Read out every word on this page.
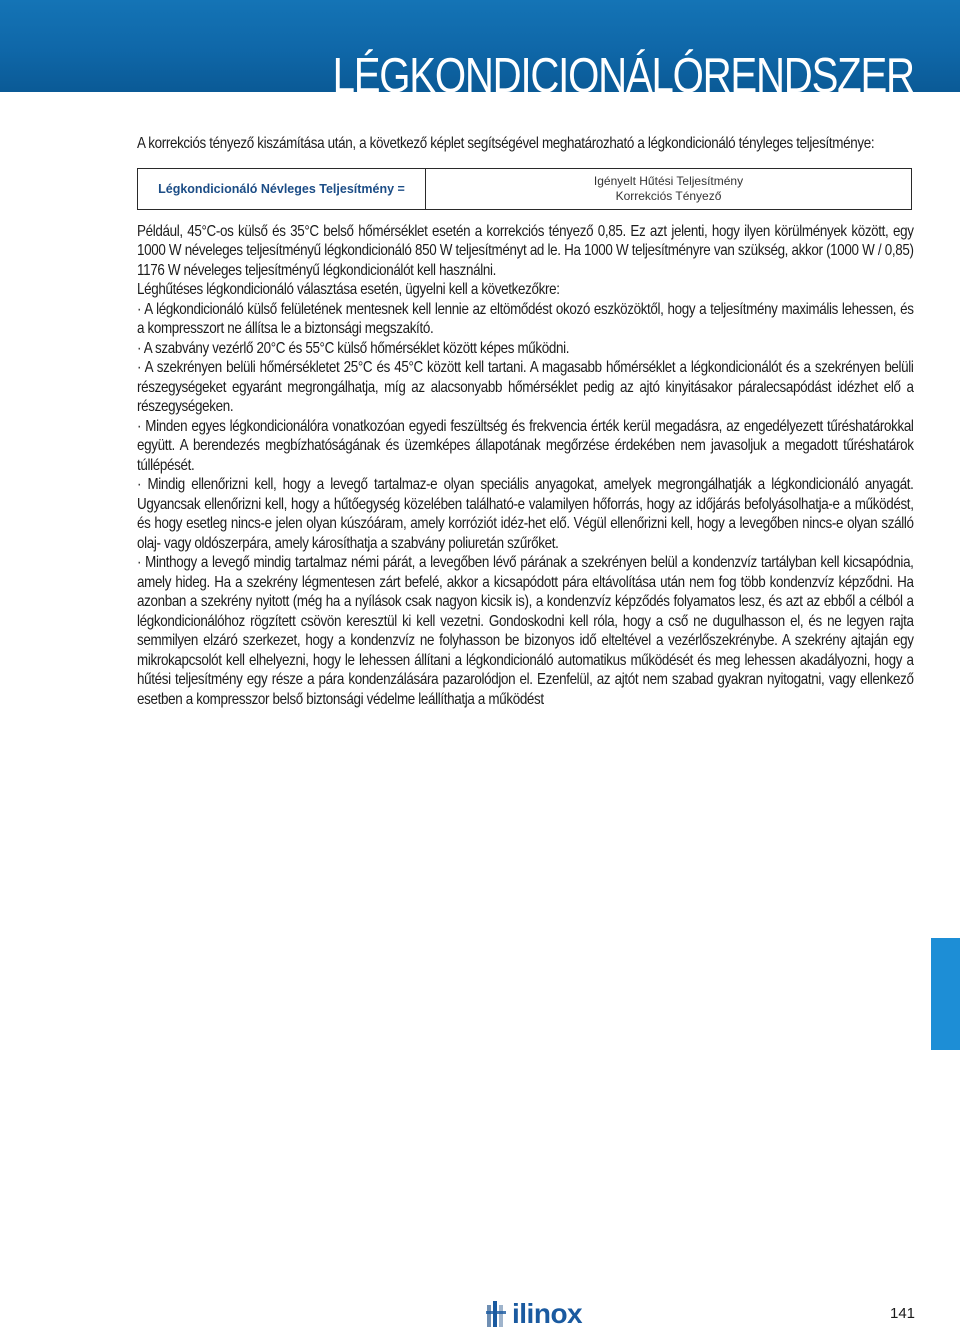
LÉGKONDICIONÁLÓRENDSZER

A korrekciós tényező kiszámítása után, a következő képlet segítségével meghatározható a légkondicionáló tényleges teljesítménye:

Légkondicionáló Névleges Teljesítmény =
Igényelt Hűtési Teljesítmény
Korrekciós Tényező

Például, 45°C-os külső és 35°C belső hőmérséklet esetén a korrekciós tényező 0,85. Ez azt jelenti, hogy ilyen körülmények között, egy 1000 W néveleges teljesítményű légkondicionáló 850 W teljesítményt ad le. Ha 1000 W teljesítményre van szükség, akkor (1000 W / 0,85) 1176 W néveleges teljesítményű légkondicionálót kell használni.

Léghűtéses légkondicionáló választása esetén, ügyelni kell a következőkre:

· A légkondicionáló külső felületének mentesnek kell lennie az eltömődést okozó eszközöktől, hogy a teljesítmény maximális lehessen, és a kompresszort ne állítsa le a biztonsági megszakító.

· A szabvány vezérlő 20°C és 55°C külső hőmérséklet között képes működni.

· A szekrényen belüli hőmérsékletet 25°C és 45°C között kell tartani. A magasabb hőmérséklet a légkondicionálót és a szekrényen belüli részegységeket egyaránt megrongálhatja, míg az alacsonyabb hőmérséklet pedig az ajtó kinyitásakor páralecsapódást idézhet elő a részegységeken.

· Minden egyes légkondicionálóra vonatkozóan egyedi feszültség és frekvencia érték kerül megadásra, az engedélyezett tűréshatárokkal együtt. A berendezés megbízhatóságának és üzemképes állapotának megőrzése érdekében nem javasoljuk a megadott tűréshatárok túllépését.

· Mindig ellenőrizni kell, hogy a levegő tartalmaz-e olyan speciális anyagokat, amelyek megrongálhatják a légkondicionáló anyagát. Ugyancsak ellenőrizni kell, hogy a hűtőegység közelében található-e valamilyen hőforrás, hogy az időjárás befolyásolhatja-e a működést, és hogy esetleg nincs-e jelen olyan kúszóáram, amely korróziót idéz-het elő. Végül ellenőrizni kell, hogy a levegőben nincs-e olyan szálló olaj- vagy oldószerpára, amely károsíthatja a szabvány poliuretán szűrőket.

· Minthogy a levegő mindig tartalmaz némi párát, a levegőben lévő párának a szekrényen belül a kondenzvíz tartályban kell kicsapódnia, amely hideg. Ha a szekrény légmentesen zárt befelé, akkor a kicsapódott pára eltávolítása után nem fog több kondenzvíz képződni. Ha azonban a szekrény nyitott (még ha a nyílások csak nagyon kicsik is), a kondenzvíz képződés folyamatos lesz, és azt az ebből a célból a légkondicionálóhoz rögzített csövön keresztül ki kell vezetni. Gondoskodni kell róla, hogy a cső ne dugulhasson el, és ne legyen rajta semmilyen elzáró szerkezet, hogy a kondenzvíz ne folyhasson be bizonyos idő elteltével a vezérlőszekrénybe. A szekrény ajtaján egy mikrokapcsolót kell elhelyezni, hogy le lehessen állítani a légkondicionáló automatikus működését és meg lehessen akadályozni, hogy a hűtési teljesítmény egy része a pára kondenzálására pazarolódjon el. Ezenfelül, az ajtót nem szabad gyakran nyitogatni, vagy ellenkező esetben a kompresszor belső biztonsági védelme leállíthatja a működést

ilinox	141
